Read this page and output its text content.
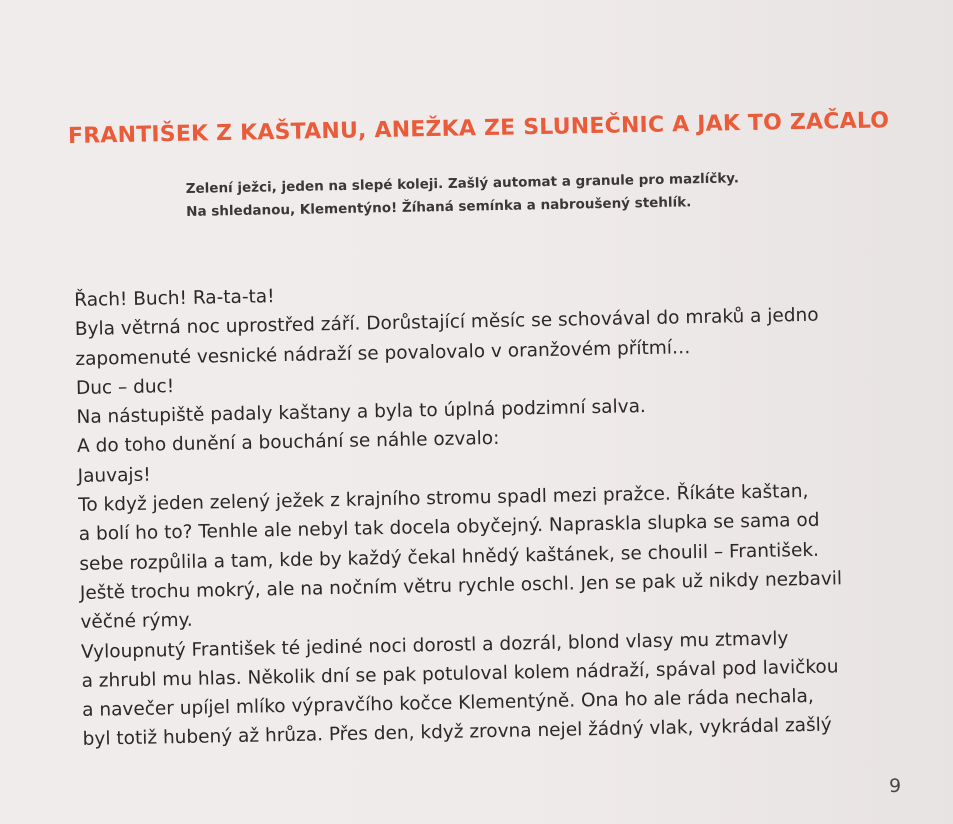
FRANTIŠEK Z KAŠTANU, ANEŽKA ZE SLUNEČNIC A JAK TO ZAČALO
Zelení ježci, jeden na slepé koleji. Zašlý automat a granule pro mazlíčky.
Na shledanou, Klementýno! Žíhaná semínka a nabroušený stehlík.
Řach! Buch! Ra-ta-ta!
Byla větrná noc uprostřed září. Dorůstající měsíc se schovával do mraků a jedno
zapomenuté vesnické nádraží se povalovalo v oranžovém přítmí…
Duc – duc!
Na nástupiště padaly kaštany a byla to úplná podzimní salva.
A do toho dunění a bouchání se náhle ozvalo:
Jauvajs!
To když jeden zelený ježek z krajního stromu spadl mezi pražce. Říkáte kaštan,
a bolí ho to? Tenhle ale nebyl tak docela obyčejný. Napraskla slupka se sama od
sebe rozpůlila a tam, kde by každý čekal hnědý kaštánek, se choulil – František.
Ještě trochu mokrý, ale na nočním větru rychle oschl. Jen se pak už nikdy nezbavil
věčné rýmy.
Vyloupnutý František té jediné noci dorostl a dozrál, blond vlasy mu ztmavly
a zhrubl mu hlas. Několik dní se pak potuloval kolem nádraží, spával pod lavičkou
a navečer upíjel mlíko výpravčího kočce Klementýně. Ona ho ale ráda nechala,
byl totiž hubený až hrůza. Přes den, když zrovna nejel žádný vlak, vykrádal zašlý
9
